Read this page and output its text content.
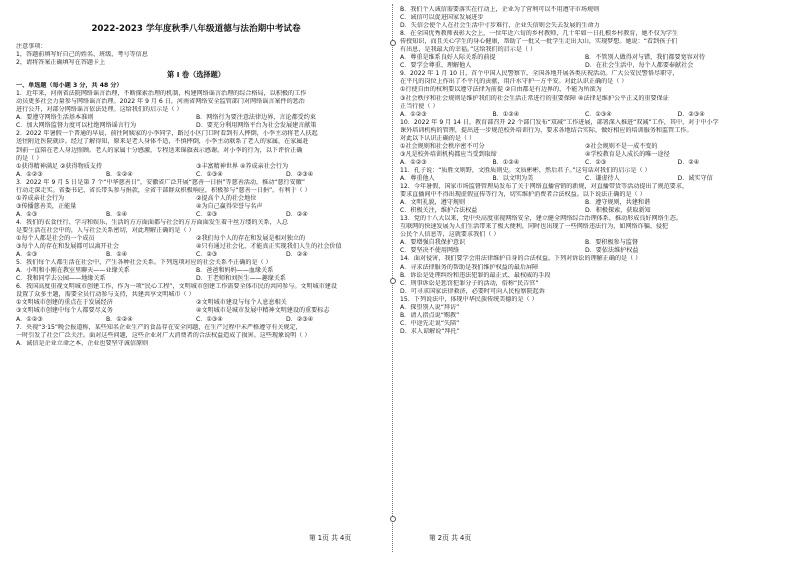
2022-2023 学年度秋季八年级道德与法治期中考试卷
注意事项：
1，答题前填写好自己的姓名、班级、考号等信息
2，请将答案正确填写在答题卡上
第 I 卷（选择题）
一、单选题（每小题 3 分，共 48 分）
1．近年来，河南省法院网络谣言治理，不断探索治理的机制，构建网络谣言治理的综合格局，以积极的工作
动员更多社会力量参与网络谣言治理。2022 年 9 月 6 日，河南省网络安全监管部门对网络谣言案件的惩治
进行公开，对部分网络谣言依法处理。这给我们的启示是（ ）
A．要遵守网络生活基本准则	B．网络行为要注意法律边界，言论都受约束
C．加大网络监督力度可以杜绝网络谣言行为	D．要充分利用网络平台为社会发展建言献策
2．2022 年暑假一个普通的早晨，前往阿姨家的小李同学，路过小区门口时看到有人摔倒，小李主动将老人扶起
送往附近医院就诊。经过了解得知，原来是老人身体不适，不慎摔倒，小李主动联系了老人的家属，在家属赶
到前一直陪在老人身边照顾。老人的家属十分感激，专程送来锦旗表示感谢。对小李的行为，以下评价正确
的是（ ）
①获得精神满足 ②获得物质支持	③丰富精神世界 ④养成亲社会行为
A．①②③	B．①②④	C．①③④	D．②③④
3．2022 年 9 月 5 日是第 7 个“中华慈善日”，安徽省广泛开展“慈善一日捐”等慈善活动，推动“慈行安徽”
行动走深走实。省委书记、省长带头参与捐款，全省干部群众积极响应，积极参与“慈善一日捐”。有利于（ ）
①养成亲社会行为	②提高个人的社会地位
③传播慈善美，正能量	④为自己赢得荣誉与名声
A．①③	B．①④	C．②③	D．②④
4．我们的衣食住行、学习和娱乐，生活的方方面面都与社会的方方面面发生着千丝万缕的关系，人总
是要生活在社会中的，人与社会关系密切，对此理解正确的是（ ）
①每个人都是社会的一个成员	②我们每个人的存在和发展是相对独立的
③每个人的存在和发展都可以离开社会	④只有通过社会化，才能真正实现我们人生的社会价值
A．①③	B．①④	C．②③	D．②④
5．我们每个人都生活在社会中，产生各种社会关系。下列选项对应的社会关系不正确的是（ ）
A．小明和小刚在教室里聊天——业缘关系	B．爸爸和妈妈——血缘关系
C．我和同学去公园——地缘关系	D．王老师和刘医生——趣缘关系
6．我国高度重视文明城市创建工作，作为一项“民心工程”，文明城市创建工作需要全体市民的共同参与。文明城市建设
设置了众多主题，需要全员行动参与支持，共建共享文明城市（ ）
①文明城市创建的重点在于发展经济	②文明城市建设与每个人息息相关
③文明城市创建中每个人都要尽义务	④文明城市是城市发展中精神文明建设的重要标志
A．①②③	B．①②④	C．①③④	D．②③④
7．央视“3·15”晚会报道称，某些知名企业生产的食品存在安全问题，在生产过程中未严格遵守有关规定，
一时引发了社会广泛关注。面对这些问题，这些企业对广大消费者的合法权益造成了损害。这些现象说明（ ）
A．诚信是企业立命之本，企业也要坚守诚信原则
B．我们个人诚信需要落实在行动上，企业为了营利可以不用遵守市场规则
C．诚信可以促进国家发展进步
D．失信会使个人在社会生活中寸步难行，企业失信则会失去发展的生命力
8．在全国优秀教师表彰大会上，一位年近六旬的乡村教师，几十年如一日扎根乡村教育，她不仅为学生
传授知识，而且关心学生的身心健康，帮助了一批又一批学生走出大山，实现梦想。她说：“看到孩子们
有出息，是我最大的幸福。”这给我们的启示是（ ）
A．尊重是维系良好人际关系的前提	B．不管别人做得对与错，我们都要宽容对待
C．要学会尊重、理解他人	D．在社会生活中，每个人都要奉献社会
9．2022 年 1 月 10 日，首个中国人民警察节，全国各地开展各类庆祝活动。广大公安民警恪尽职守，
在平凡的岗位上作出了不平凡的贡献，用汗水守护一方平安。对此认识正确的是（ ）
①行使自由的权利要以遵守法律为前提 ②自由都是有边界的，不能为所欲为
③社会秩序和社会规则是维护我们的社会生活正常进行的重要保障 ④法律是维护公平正义的重要保证
正当行使（ ）
A．①②③	B．①②④	C．①③④	D．②③④
10．2022 年 9 月 14 日，教育部召开 22 个部门发布“双减”工作进展，部署深入推进“双减”工作，其中，对于中小学
课外培训机构的管理，提出进一步规范校外培训行为，要求各地结合实际，做好相应的培训服务和监管工作。
对此以下认识正确的是（ ）
①社会规则和社会秩序密不可分	②社会规则不是一成不变的
③凡是校外培训机构都应当受到取缔	④学校教育是人成长的唯一途径
A．①②③	B．①②④	C．①③	D．②④
11．孔子说：“质胜文则野，文胜质则史。文质彬彬，然后君子。”这句话对我们的启示是（ ）
A．尊重他人	B．以文明为美	C．谦虚待人	D．诚实守信
12．今年暑假，国家市场监督管理局发布了关于网络直播营销的新规，对直播带货等活动提出了规范要求，
要求直播间中不得出现虚假宣传等行为，切实维护消费者合法权益。以下说法正确的是（ ）
A．文明礼貌，遵守规则	B．遵守规则，共建和谐
C．积极关注，维护合法权益	D．积极探索，获取新知
13．党的十八大以来，党中央高度重视网络安全，建立健全网络综合治理体系，推动形成良好网络生态。
互联网的快速发展为人们生活带来了极大便利，同时也出现了一些网络违法行为，如网络诈骗、侵犯
公民个人信息等，这就要求我们（ ）
A．要增强自我保护意识	B．要积极参与监督
C．要坚决不使用网络	D．要依法维护权益
14．面对侵害，我们要学会用法律维护自身的合法权益。下列对诉讼的理解正确的是（ ）
A．寻求法律服务的帮助是我们维护权益的最后屏障
B．诉讼是处理纠纷和违法犯罪的最正式、最权威的手段
C．刑事诉讼是惩罚犯罪分子的活动，俗称“民告官”
D．可寻求国家法律救济，必要时可向人民检察院起诉
15．下列说法中，体现中华民族传统美德的是（ ）
A．探望别人说“拜访”
B．请人指点说“赐教”
C．中途先走说“失陪”
D．求人谅解说“拜托”
第 1页 共 4页	第 2页 共 4页
